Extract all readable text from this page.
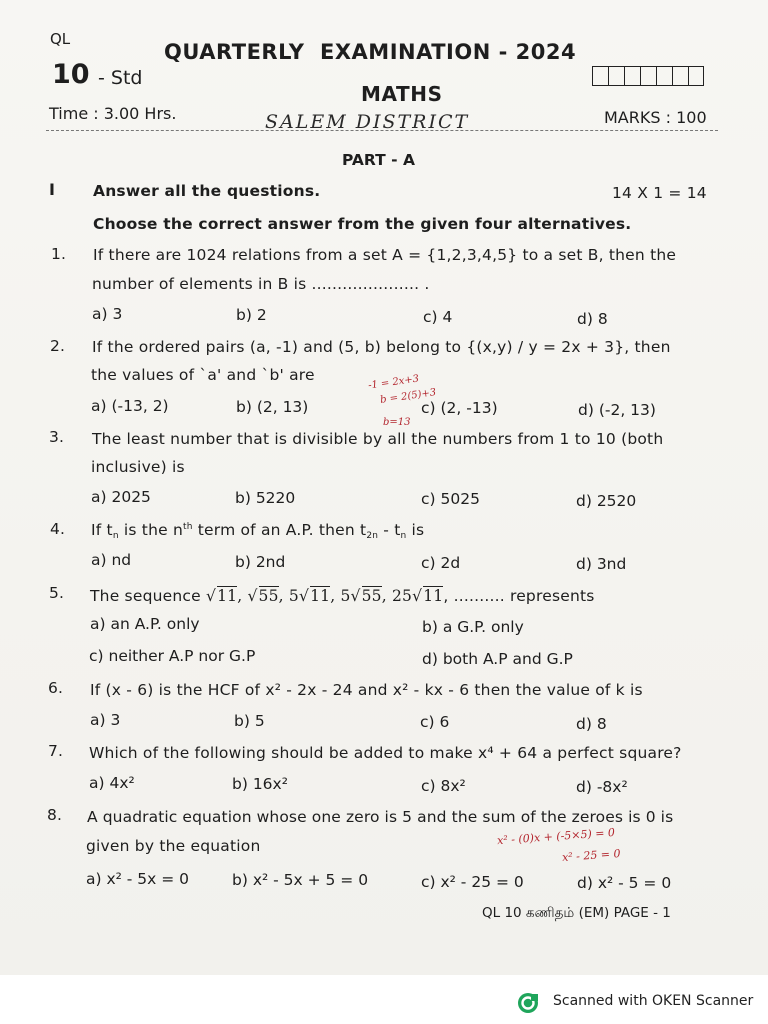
QL
QUARTERLY  EXAMINATION - 2024
10 - Std
MATHS
Time : 3.00 Hrs.	SALEM DISTRICT	MARKS : 100
PART - A
I Answer all the questions.	14 X 1 = 14
Choose the correct answer from the given four alternatives.
1. If there are 1024 relations from a set A = {1,2,3,4,5} to a set B, then the
number of elements in B is ..................... .
a) 3	b) 2	c) 4	d) 8
2. If the ordered pairs (a, -1) and (5, b) belong to {(x,y) / y = 2x + 3}, then
the values of `a' and `b' are
a) (-13, 2)	b) (2, 13)	c) (2, -13)	d) (-2, 13)
-1 = 2x+3
b = 2(5)+3
b=13
3. The least number that is divisible by all the numbers from 1 to 10 (both
inclusive) is
a) 2025	b) 5220	c) 5025	d) 2520
4. If $t_n$ is the $n^{th}$ term of an A.P. then $t_{2n} - t_n$ is
a) nd	b) 2nd	c) 2d	d) 3nd
5. The sequence √11, √55, 5√11, 5√55, 25√11, .......... represents
a) an A.P. only	b) a G.P. only
c) neither A.P nor G.P	d) both A.P and G.P
6. If (x - 6) is the HCF of x² - 2x - 24 and x² - kx - 6 then the value of k is
a) 3	b) 5	c) 6	d) 8
7. Which of the following should be added to make x⁴ + 64 a perfect square?
a) 4x²	b) 16x²	c) 8x²	d) -8x²
8. A quadratic equation whose one zero is 5 and the sum of the zeroes is 0 is
given by the equation	x² - (0)x + (-5×5) = 0
x² - 25 = 0
a) x² - 5x = 0	b) x² - 5x + 5 = 0	c) x² - 25 = 0	d) x² - 5 = 0
QL 10 கணிதம் (EM) PAGE - 1
Scanned with OKEN Scanner
